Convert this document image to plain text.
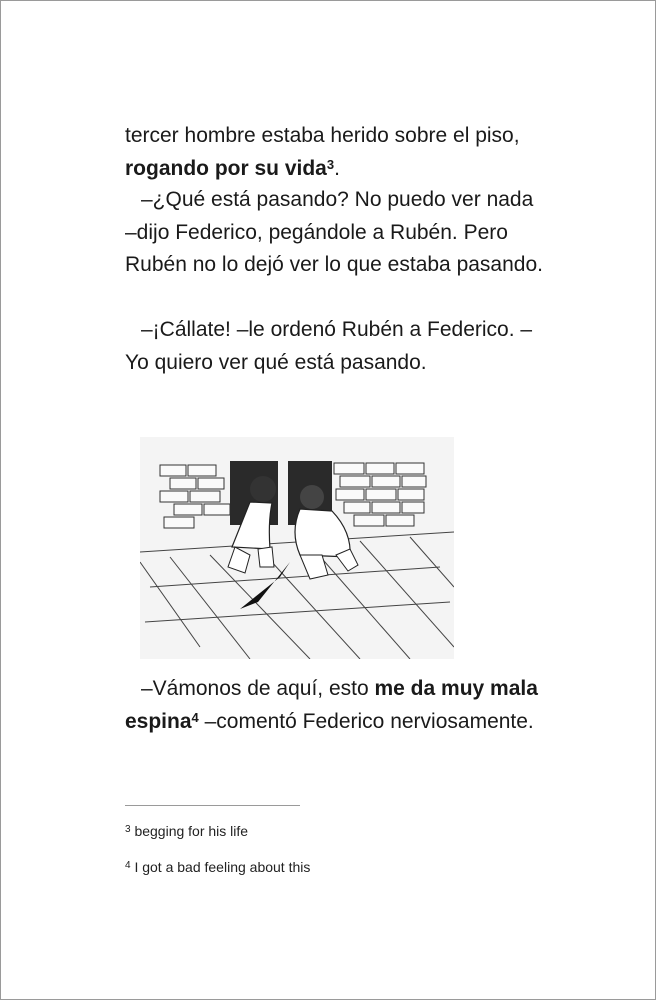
tercer hombre estaba herido sobre el piso,
rogando por su vida$^3$.

–¿Qué está pasando? No puedo ver nada –dijo Federico, pegándole a Rubén. Pero Rubén no lo dejó ver lo que estaba pasando.

–¡Cállate! –le ordenó Rubén a Federico. –Yo quiero ver qué está pasando.

–Vámonos de aquí, esto me da muy mala espina$^4$ –comentó Federico nerviosamente.

$^3$ begging for his life
$^4$ I got a bad feeling about this
